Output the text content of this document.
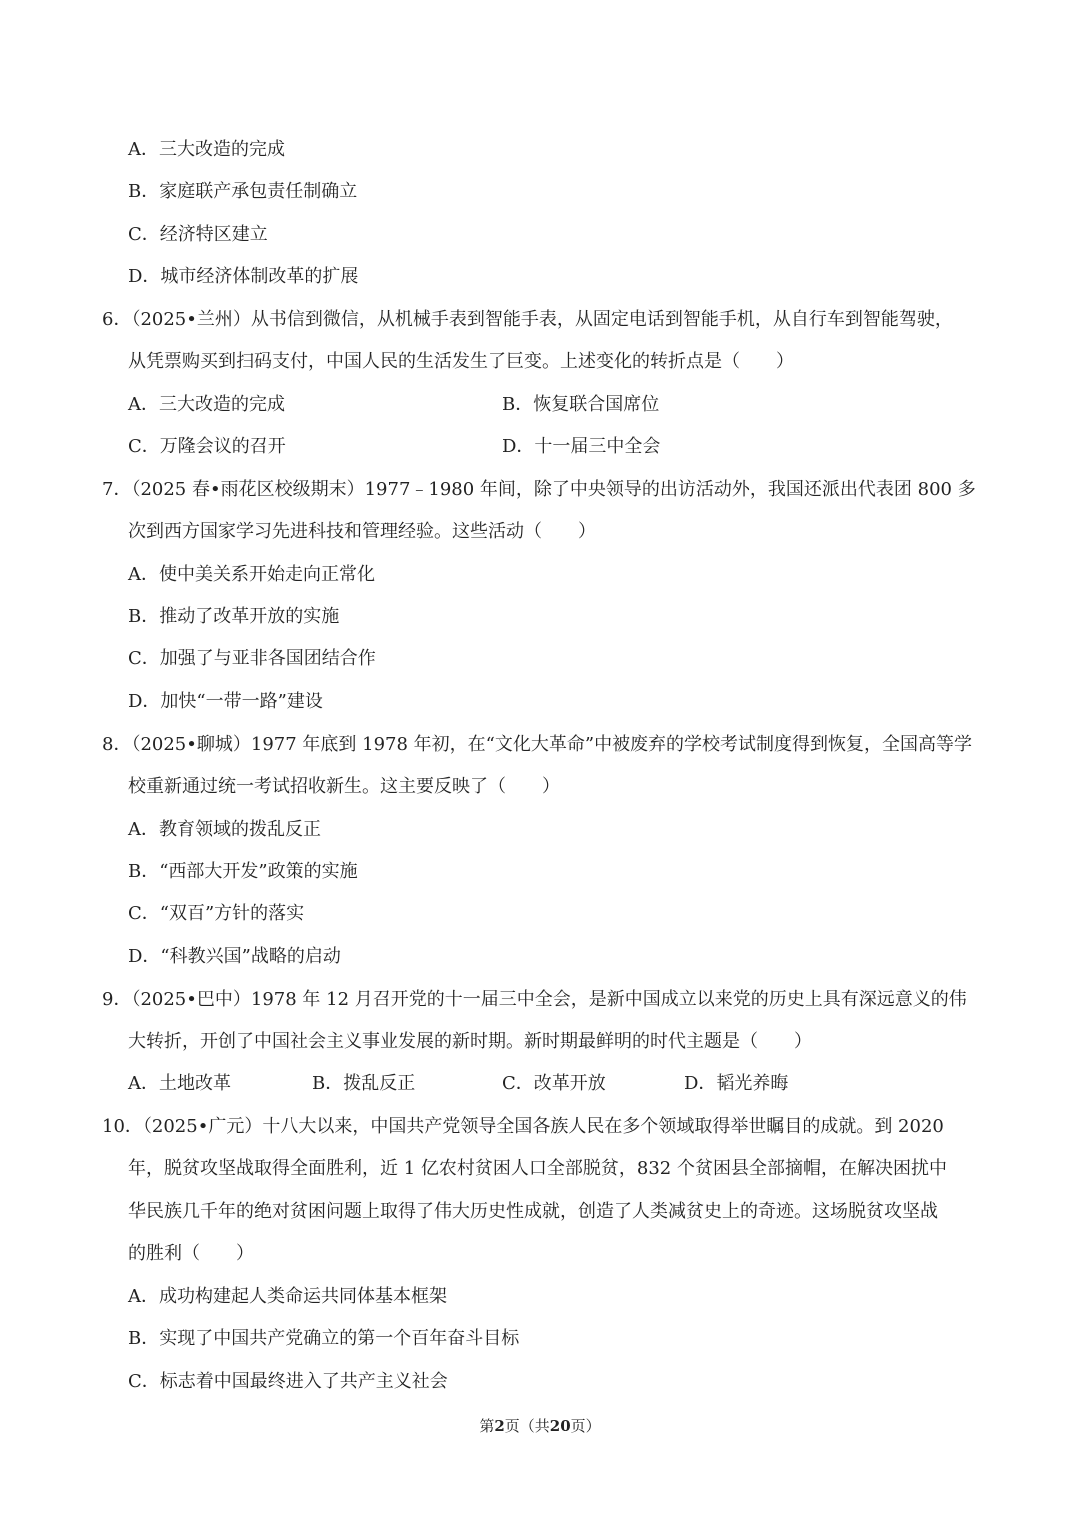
A．三大改造的完成
B．家庭联产承包责任制确立
C．经济特区建立
D．城市经济体制改革的扩展
6．（2025•兰州）从书信到微信，从机械手表到智能手表，从固定电话到智能手机，从自行车到智能驾驶，
从凭票购买到扫码支付，中国人民的生活发生了巨变。上述变化的转折点是（　　）
A．三大改造的完成	B．恢复联合国席位
C．万隆会议的召开	D．十一届三中全会
7．（2025 春•雨花区校级期末）1977﹣1980 年间，除了中央领导的出访活动外，我国还派出代表团 800 多
次到西方国家学习先进科技和管理经验。这些活动（　　）
A．使中美关系开始走向正常化
B．推动了改革开放的实施
C．加强了与亚非各国团结合作
D．加快“一带一路”建设
8．（2025•聊城）1977 年底到 1978 年初，在“文化大革命”中被废弃的学校考试制度得到恢复，全国高等学
校重新通过统一考试招收新生。这主要反映了（　　）
A．教育领域的拨乱反正
B．“西部大开发”政策的实施
C．“双百”方针的落实
D．“科教兴国”战略的启动
9．（2025•巴中）1978 年 12 月召开党的十一届三中全会，是新中国成立以来党的历史上具有深远意义的伟
大转折，开创了中国社会主义事业发展的新时期。新时期最鲜明的时代主题是（　　）
A．土地改革	B．拨乱反正	C．改革开放	D．韬光养晦
10．（2025•广元）十八大以来，中国共产党领导全国各族人民在多个领域取得举世瞩目的成就。到 2020
年，脱贫攻坚战取得全面胜利，近 1 亿农村贫困人口全部脱贫，832 个贫困县全部摘帽，在解决困扰中
华民族几千年的绝对贫困问题上取得了伟大历史性成就，创造了人类减贫史上的奇迹。这场脱贫攻坚战
的胜利（　　）
A．成功构建起人类命运共同体基本框架
B．实现了中国共产党确立的第一个百年奋斗目标
C．标志着中国最终进入了共产主义社会
第2页（共20页）
